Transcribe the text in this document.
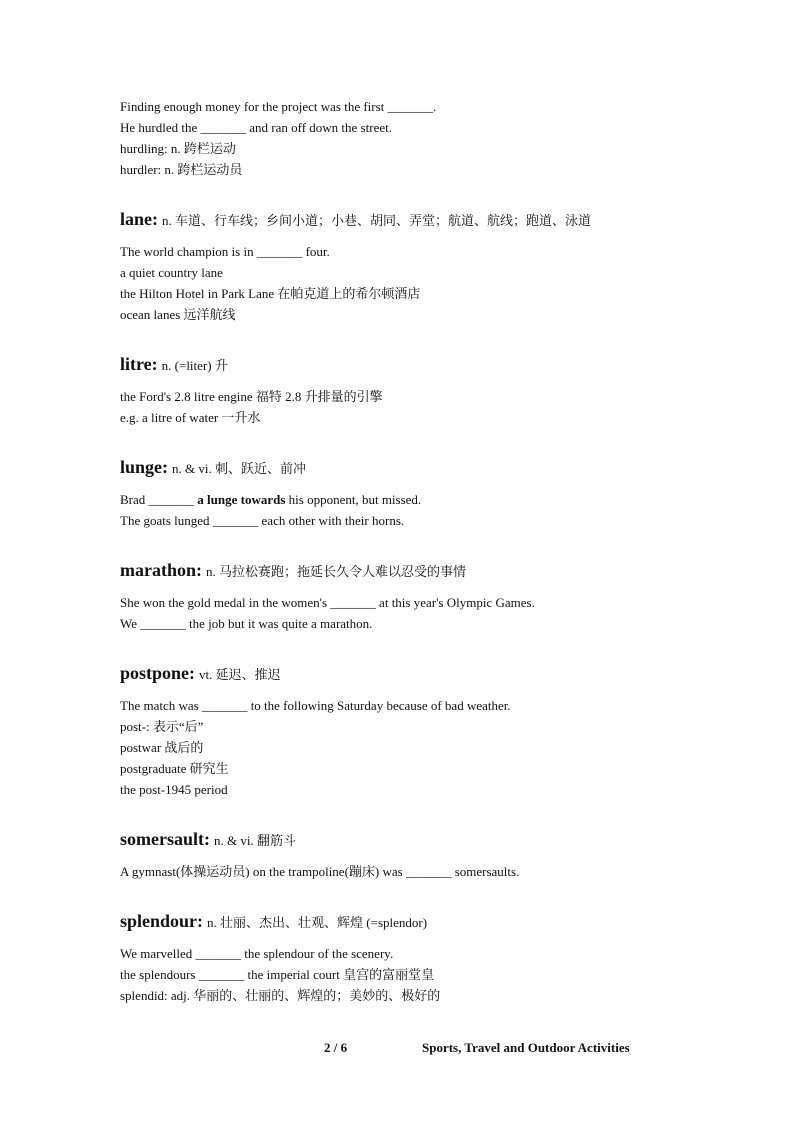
Finding enough money for the project was the first _______.
He hurdled the _______ and ran off down the street.
hurdling: n. 跨栏运动
hurdler: n. 跨栏运动员
lane: n. 车道、行车线；乡间小道；小巷、胡同、弄堂；航道、航线；跑道、泳道
The world champion is in _______ four.
a quiet country lane
the Hilton Hotel in Park Lane 在帕克道上的希尔顿酒店
ocean lanes 远洋航线
litre: n. (=liter) 升
the Ford's 2.8 litre engine 福特 2.8 升排量的引擎
e.g. a litre of water 一升水
lunge: n. & vi. 刺、跃近、前冲
Brad _______ a lunge towards his opponent, but missed.
The goats lunged _______ each other with their horns.
marathon: n. 马拉松赛跑；拖延长久令人难以忍受的事情
She won the gold medal in the women's _______ at this year's Olympic Games.
We _______ the job but it was quite a marathon.
postpone: vt. 延迟、推迟
The match was _______ to the following Saturday because of bad weather.
post-: 表示“后”
postwar 战后的
postgraduate 研究生
the post-1945 period
somersault: n. & vi. 翻筋斗
A gymnast(体操运动员) on the trampoline(蹦床) was _______ somersaults.
splendour: n. 壮丽、杰出、壮观、辉煌 (=splendor)
We marvelled _______ the splendour of the scenery.
the splendours _______ the imperial court 皇宫的富丽堂皇
splendid: adj. 华丽的、壮丽的、辉煌的；美妙的、极好的
2 / 6	Sports, Travel and Outdoor Activities
